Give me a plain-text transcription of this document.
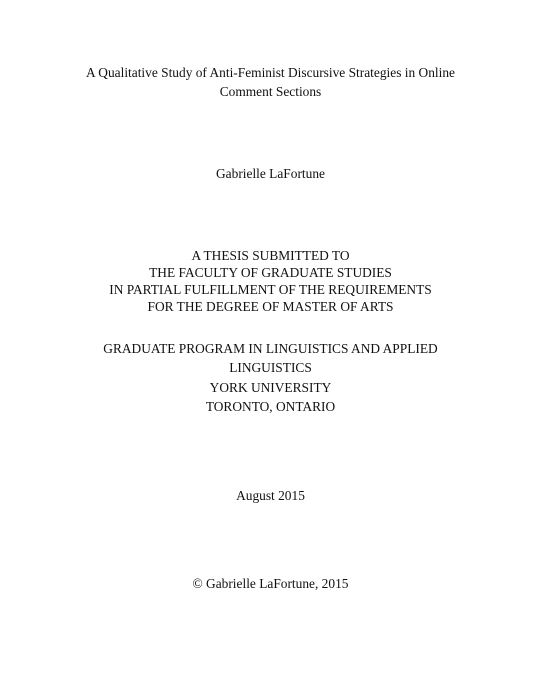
A Qualitative Study of Anti-Feminist Discursive Strategies in Online
Comment Sections
Gabrielle LaFortune
A THESIS SUBMITTED TO
THE FACULTY OF GRADUATE STUDIES
IN PARTIAL FULFILLMENT OF THE REQUIREMENTS
FOR THE DEGREE OF MASTER OF ARTS
GRADUATE PROGRAM IN LINGUISTICS AND APPLIED
LINGUISTICS
YORK UNIVERSITY
TORONTO, ONTARIO
August 2015
© Gabrielle LaFortune, 2015
